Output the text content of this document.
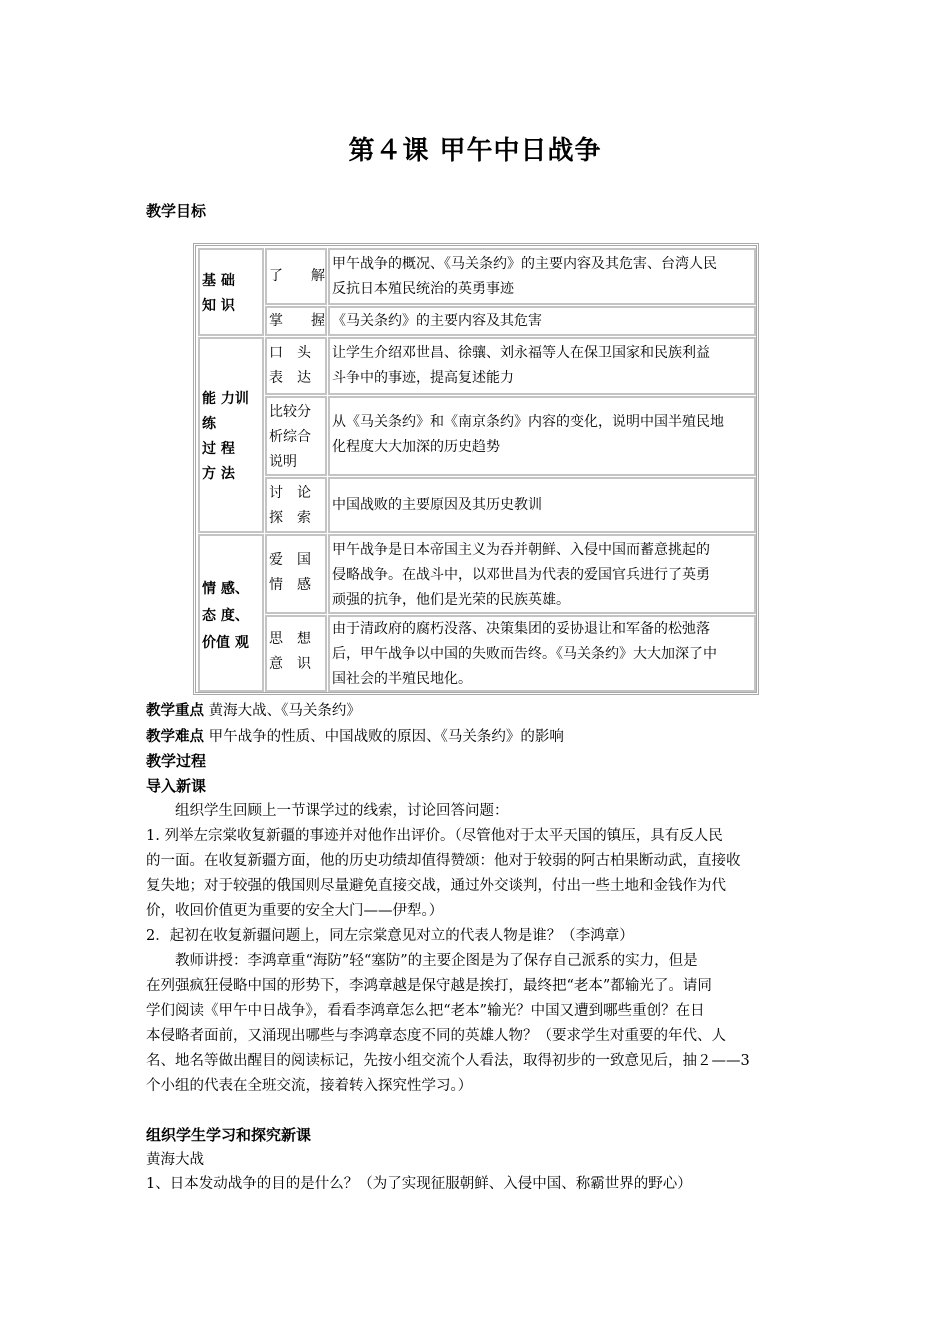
第４课 甲午中日战争
教学目标
基 础
知 识
了　　解
甲午战争的概况、《马关条约》的主要内容及其危害、台湾人民
反抗日本殖民统治的英勇事迹
掌　　握 《马关条约》的主要内容及其危害
能 力训
练
过 程
方 法
口　头
表　达
让学生介绍邓世昌、徐骧、刘永福等人在保卫国家和民族利益
斗争中的事迹，提高复述能力
比较分
析综合
说明
从《马关条约》和《南京条约》内容的变化，说明中国半殖民地
化程度大大加深的历史趋势
讨　论
探　索
中国战败的主要原因及其历史教训
情 感、
态 度、
价值 观
爱　国
情　感
甲午战争是日本帝国主义为吞并朝鲜、入侵中国而蓄意挑起的
侵略战争。在战斗中，以邓世昌为代表的爱国官兵进行了英勇
顽强的抗争，他们是光荣的民族英雄。
思　想
意　识
由于清政府的腐朽没落、决策集团的妥协退让和军备的松弛落
后，甲午战争以中国的失败而告终。《马关条约》大大加深了中
国社会的半殖民地化。
教学重点 黄海大战、《马关条约》
教学难点 甲午战争的性质、中国战败的原因、《马关条约》的影响
教学过程
导入新课
　　组织学生回顾上一节课学过的线索，讨论回答问题：
1. 列举左宗棠收复新疆的事迹并对他作出评价。（尽管他对于太平天国的镇压，具有反人民
的一面。在收复新疆方面，他的历史功绩却值得赞颂：他对于较弱的阿古柏果断动武，直接收
复失地；对于较强的俄国则尽量避免直接交战，通过外交谈判，付出一些土地和金钱作为代
价，收回价值更为重要的安全大门——伊犁。）
2．起初在收复新疆问题上，同左宗棠意见对立的代表人物是谁？（李鸿章）
　　教师讲授：李鸿章重“海防”轻“塞防”的主要企图是为了保存自己派系的实力，但是
在列强疯狂侵略中国的形势下，李鸿章越是保守越是挨打，最终把“老本”都输光了。请同
学们阅读《甲午中日战争》，看看李鸿章怎么把“老本”输光？中国又遭到哪些重创？在日
本侵略者面前，又涌现出哪些与李鸿章态度不同的英雄人物？（要求学生对重要的年代、人
名、地名等做出醒目的阅读标记，先按小组交流个人看法，取得初步的一致意见后，抽２——3
个小组的代表在全班交流，接着转入探究性学习。）
组织学生学习和探究新课
黄海大战
1、日本发动战争的目的是什么？（为了实现征服朝鲜、入侵中国、称霸世界的野心）
